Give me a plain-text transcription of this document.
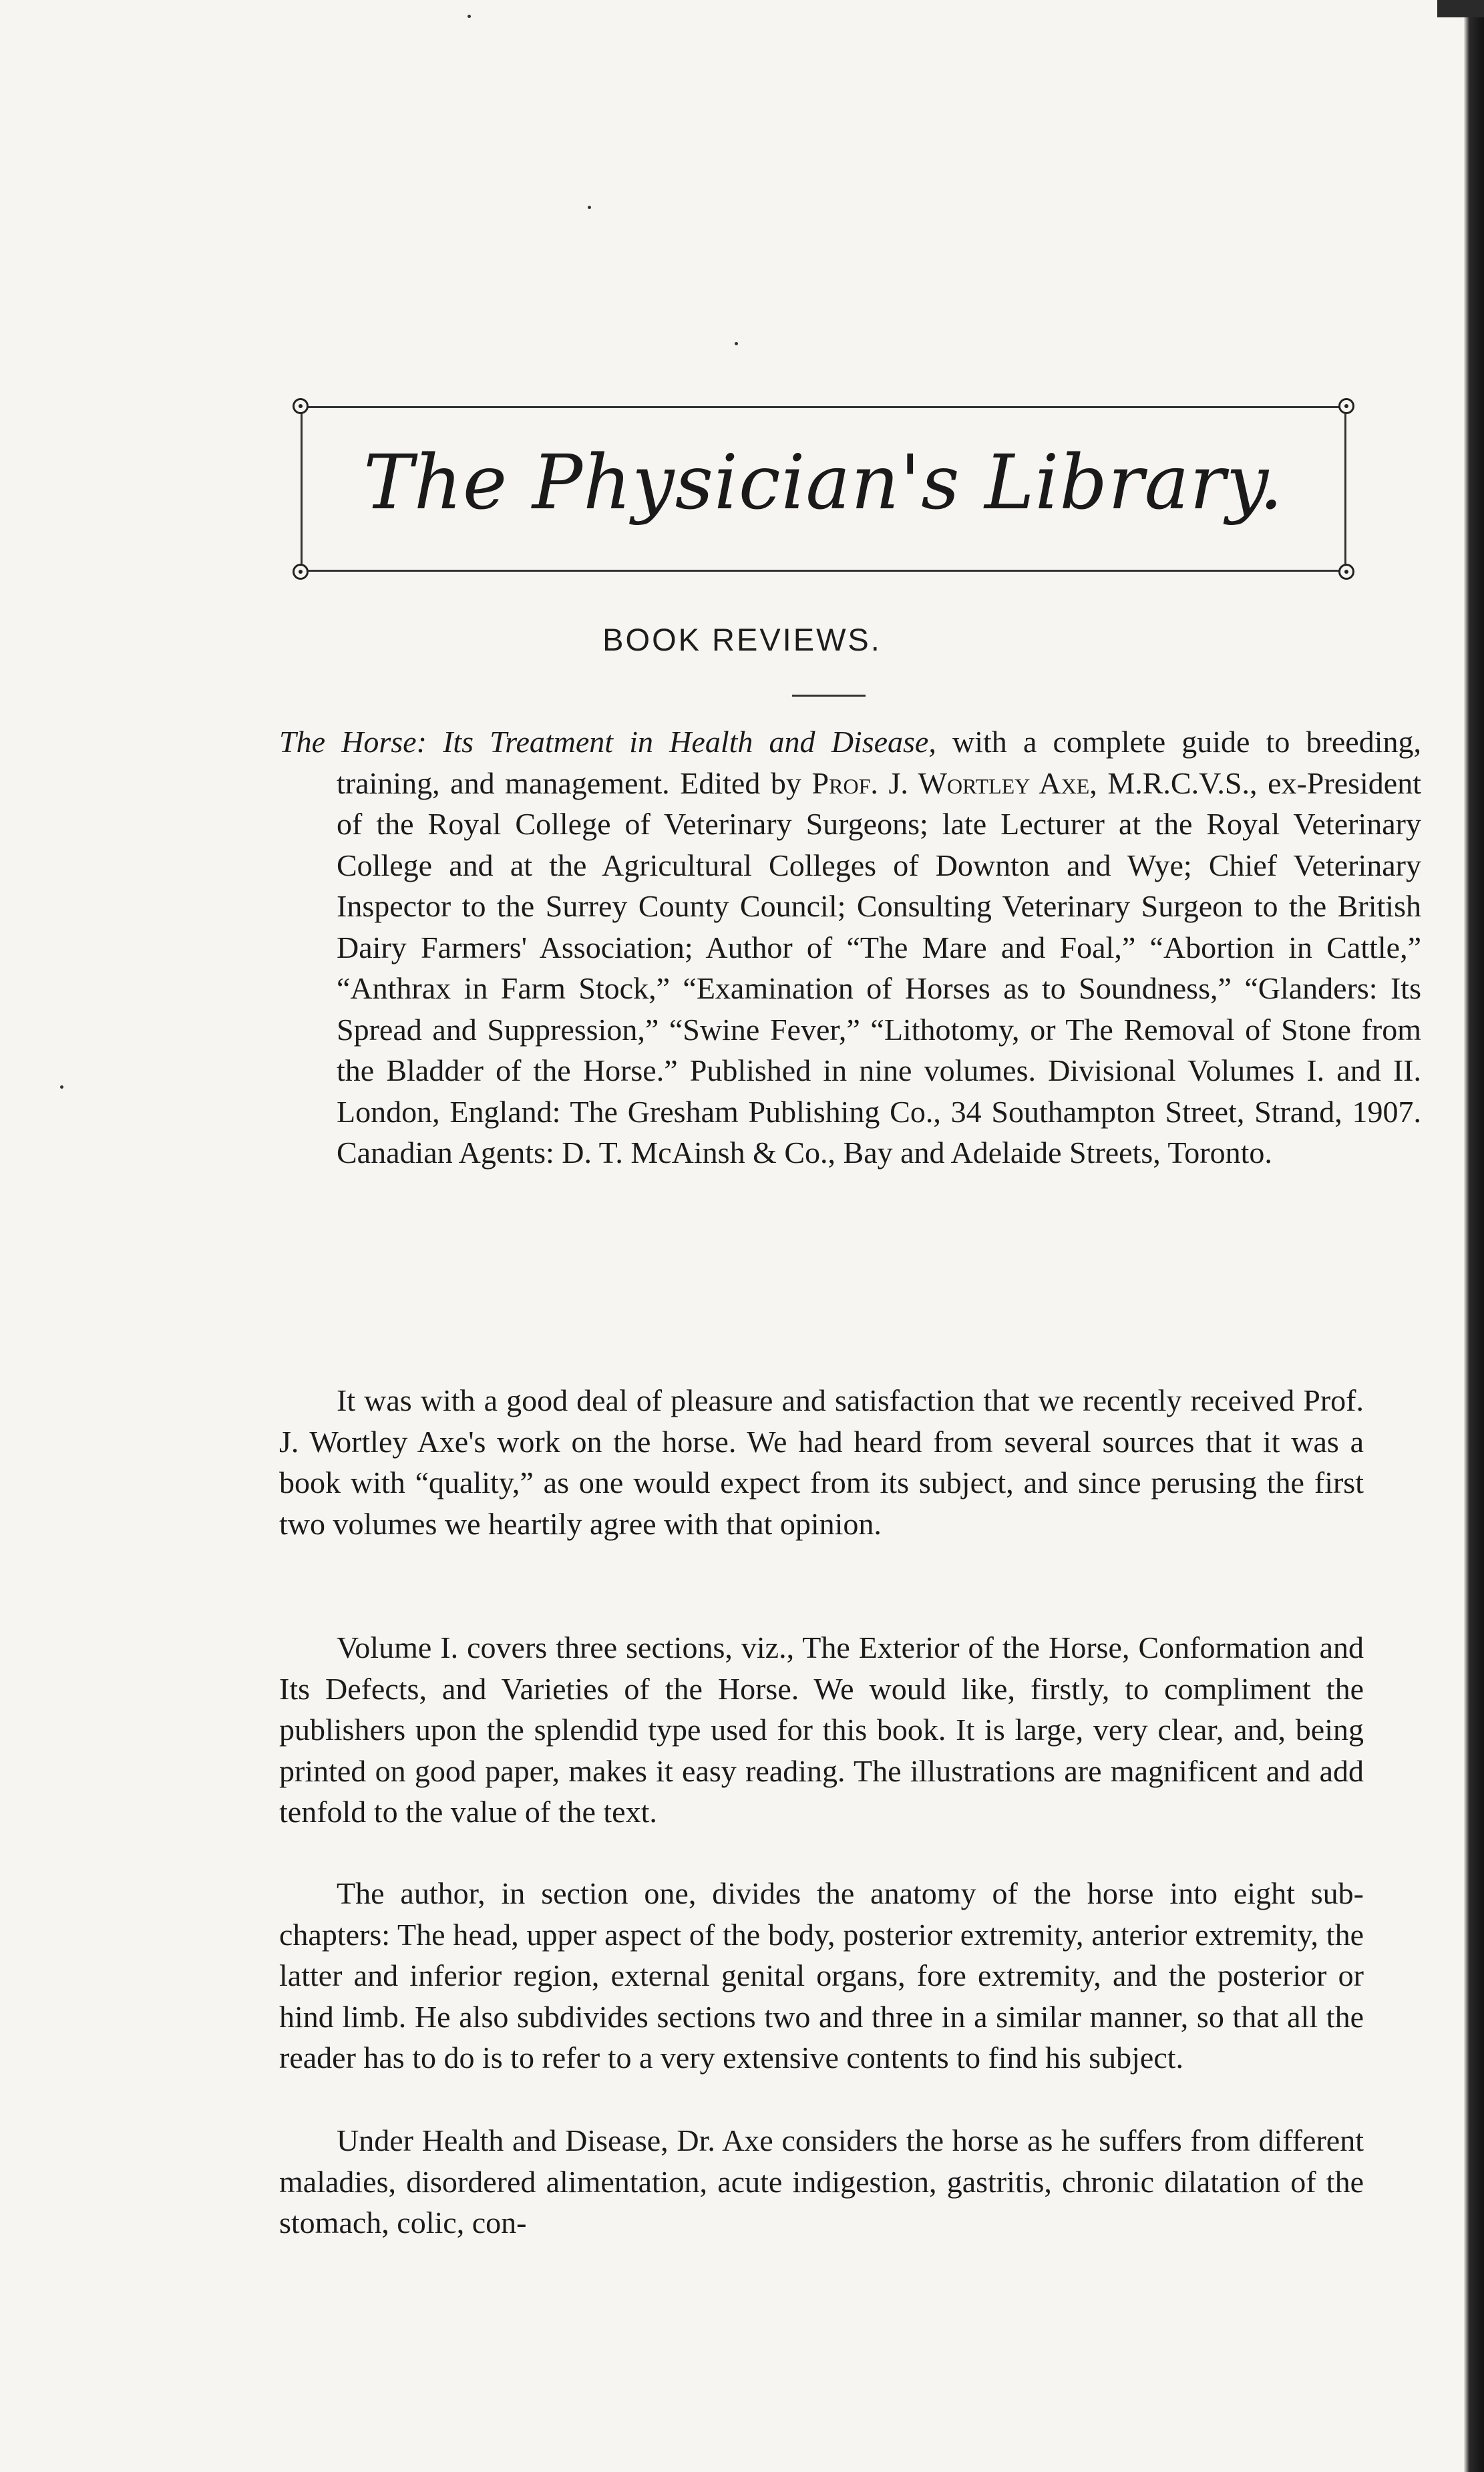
The Physician's Library.
BOOK REVIEWS.
The Horse: Its Treatment in Health and Disease, with a complete guide to breeding, training, and management. Edited by Prof. J. Wortley Axe, M.R.C.V.S., ex-President of the Royal College of Veterinary Surgeons; late Lecturer at the Royal Veterinary College and at the Agricultural Colleges of Downton and Wye; Chief Veterinary Inspector to the Surrey County Council; Consulting Veterinary Surgeon to the British Dairy Farmers' Association; Author of “The Mare and Foal,” “Abortion in Cattle,” “Anthrax in Farm Stock,” “Examination of Horses as to Soundness,” “Glanders: Its Spread and Suppression,” “Swine Fever,” “Lithotomy, or The Removal of Stone from the Bladder of the Horse.” Published in nine volumes. Divisional Volumes I. and II. London, England: The Gresham Publishing Co., 34 Southampton Street, Strand, 1907. Canadian Agents: D. T. McAinsh & Co., Bay and Adelaide Streets, Toronto.
It was with a good deal of pleasure and satisfaction that we recently received Prof. J. Wortley Axe's work on the horse. We had heard from several sources that it was a book with “quality,” as one would expect from its subject, and since perusing the first two volumes we heartily agree with that opinion.
Volume I. covers three sections, viz., The Exterior of the Horse, Conformation and Its Defects, and Varieties of the Horse. We would like, firstly, to compliment the publishers upon the splendid type used for this book. It is large, very clear, and, being printed on good paper, makes it easy reading. The illustrations are magnificent and add tenfold to the value of the text.
The author, in section one, divides the anatomy of the horse into eight sub-chapters: The head, upper aspect of the body, posterior extremity, anterior extremity, the latter and inferior region, external genital organs, fore extremity, and the posterior or hind limb. He also subdivides sections two and three in a similar manner, so that all the reader has to do is to refer to a very extensive contents to find his subject.
Under Health and Disease, Dr. Axe considers the horse as he suffers from different maladies, disordered alimentation, acute indigestion, gastritis, chronic dilatation of the stomach, colic, con-
